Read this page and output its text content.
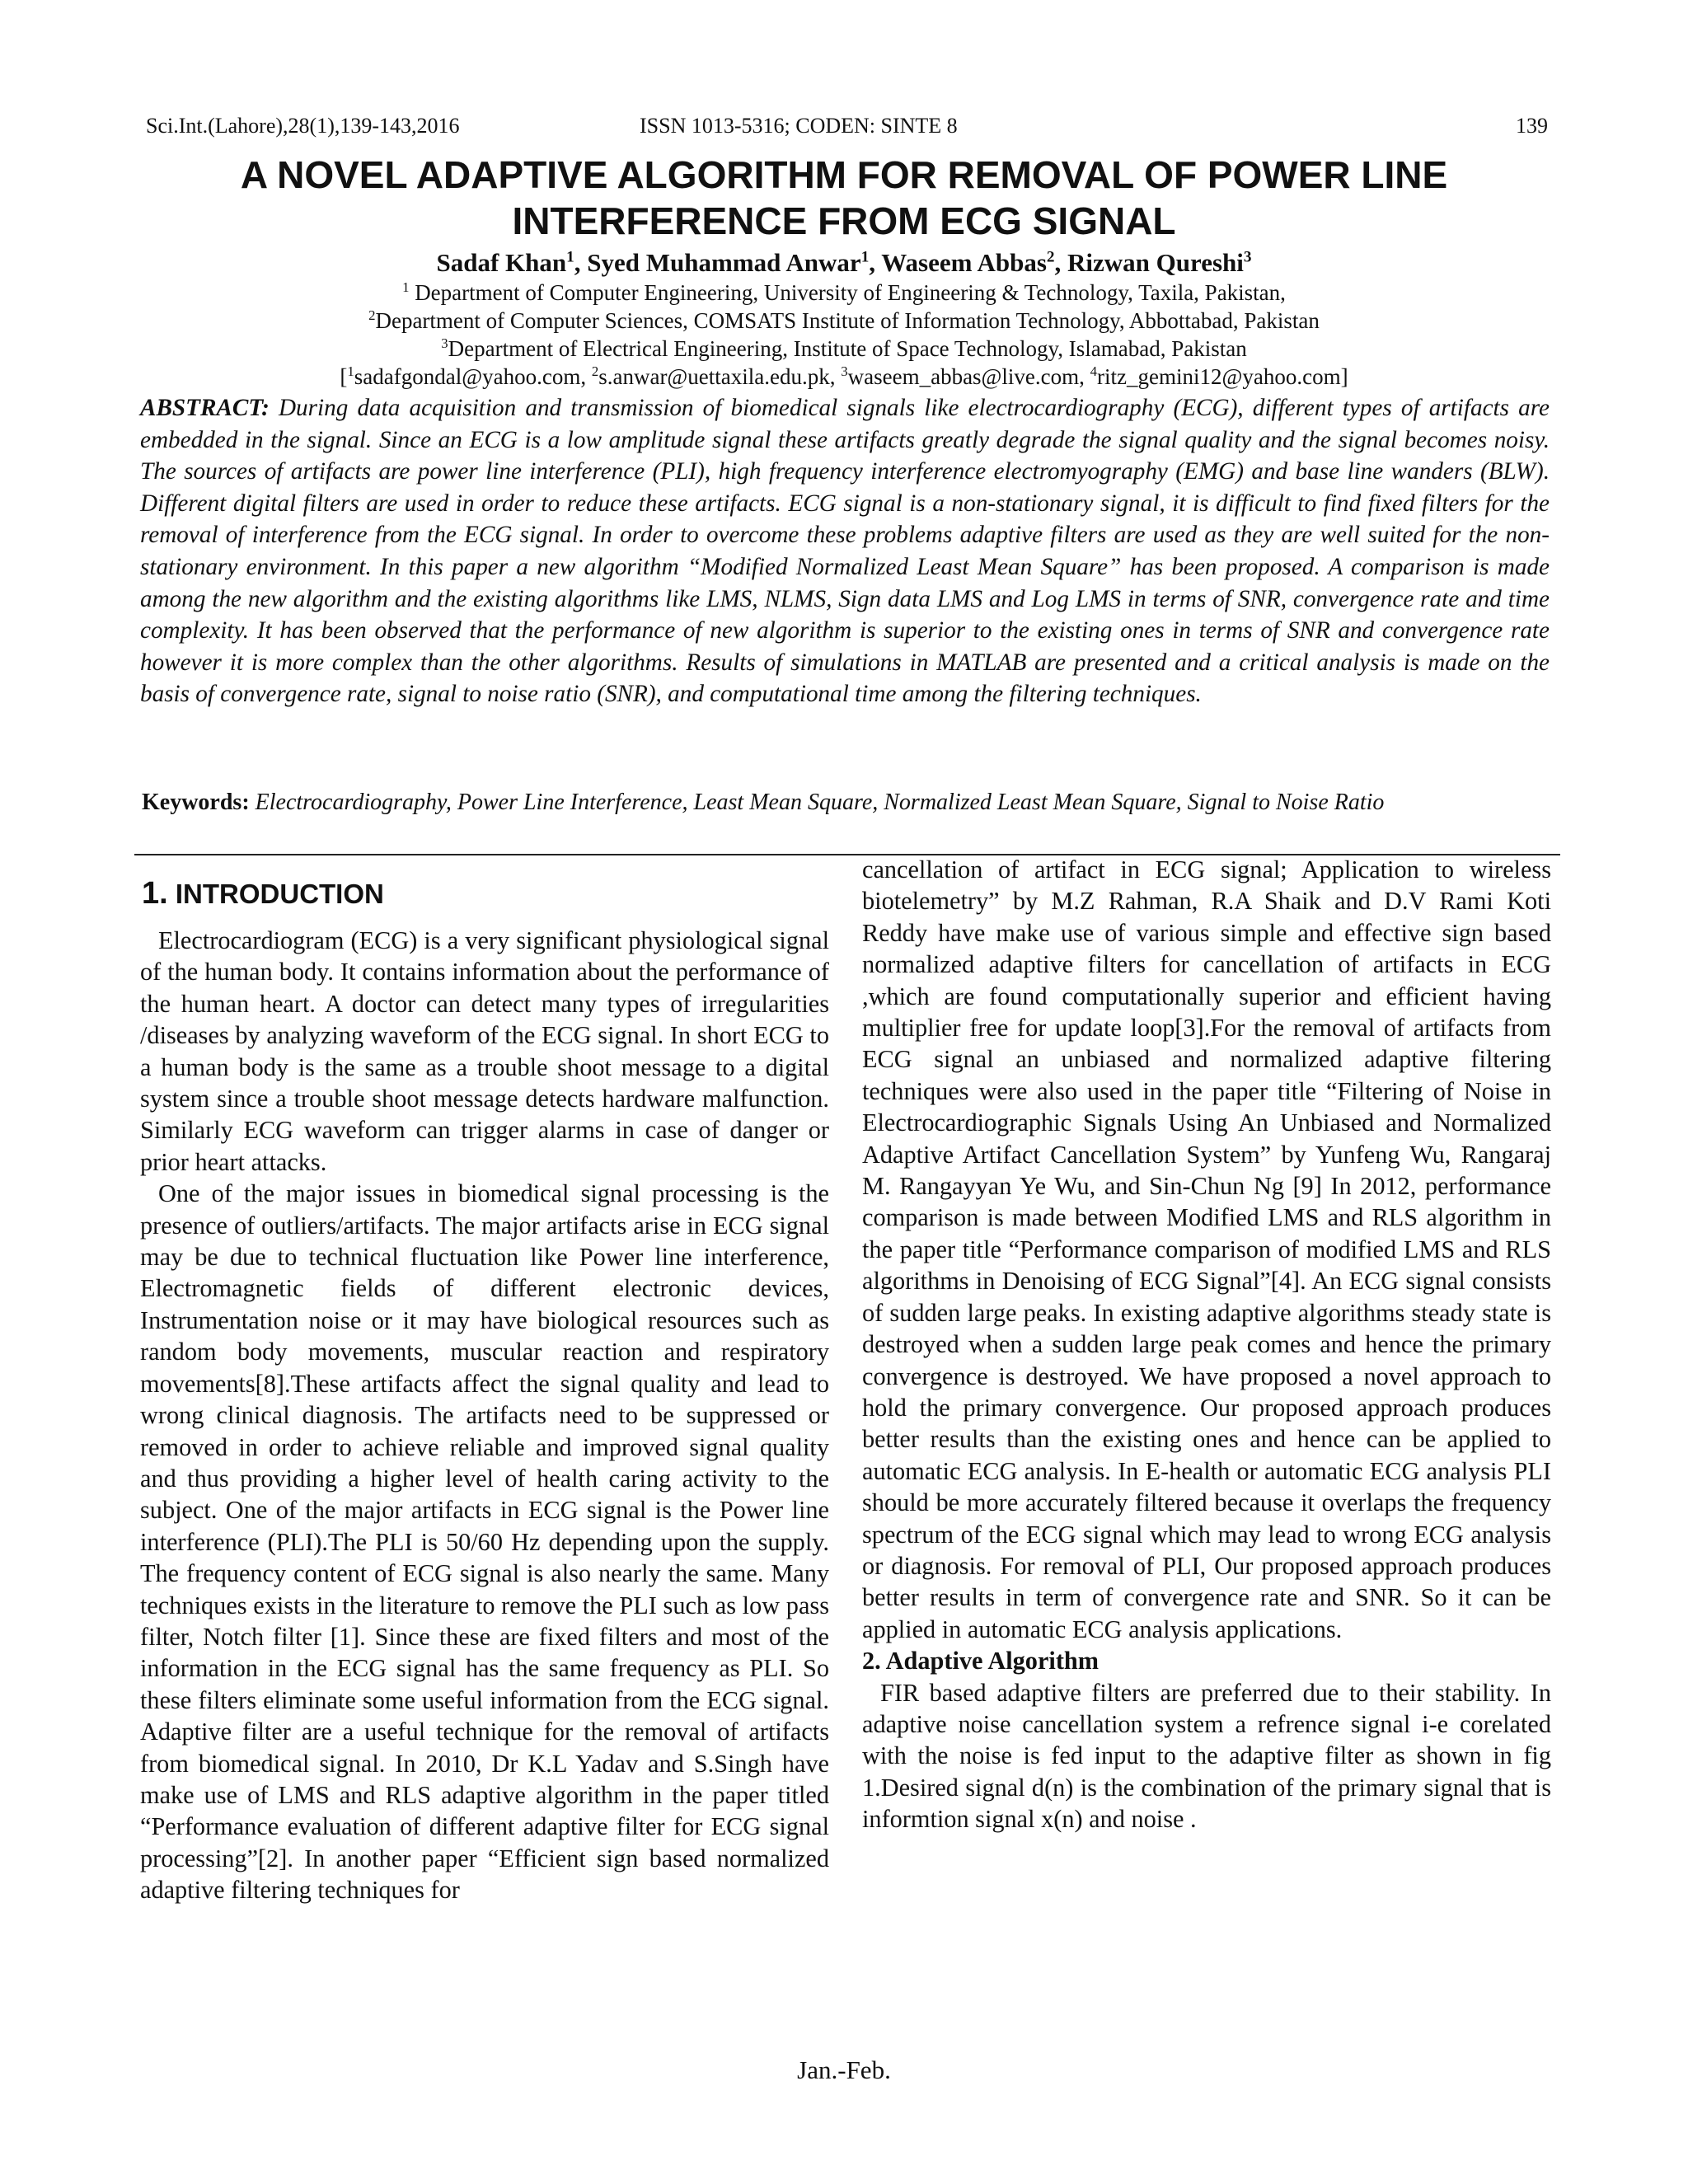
Sci.Int.(Lahore),28(1),139-143,2016	ISSN 1013-5316; CODEN: SINTE 8	139
A NOVEL ADAPTIVE ALGORITHM FOR REMOVAL OF POWER LINE
INTERFERENCE FROM ECG SIGNAL
Sadaf Khan$^1$, Syed Muhammad Anwar$^1$, Waseem Abbas$^2$, Rizwan Qureshi$^3$
$^1$ Department of Computer Engineering, University of Engineering & Technology, Taxila, Pakistan,
$^2$Department of Computer Sciences, COMSATS Institute of Information Technology, Abbottabad, Pakistan
$^3$Department of Electrical Engineering, Institute of Space Technology, Islamabad, Pakistan
[$^1$sadafgondal@yahoo.com, $^2$s.anwar@uettaxila.edu.pk, $^3$waseem_abbas@live.com, $^4$ritz_gemini12@yahoo.com]
ABSTRACT: During data acquisition and transmission of biomedical signals like electrocardiography (ECG), different types of artifacts are embedded in the signal. Since an ECG is a low amplitude signal these artifacts greatly degrade the signal quality and the signal becomes noisy. The sources of artifacts are power line interference (PLI), high frequency interference electromyography (EMG) and base line wanders (BLW). Different digital filters are used in order to reduce these artifacts. ECG signal is a non-stationary signal, it is difficult to find fixed filters for the removal of interference from the ECG signal. In order to overcome these problems adaptive filters are used as they are well suited for the non-stationary environment. In this paper a new algorithm “Modified Normalized Least Mean Square” has been proposed. A comparison is made among the new algorithm and the existing algorithms like LMS, NLMS, Sign data LMS and Log LMS in terms of SNR, convergence rate and time complexity. It has been observed that the performance of new algorithm is superior to the existing ones in terms of SNR and convergence rate however it is more complex than the other algorithms. Results of simulations in MATLAB are presented and a critical analysis is made on the basis of convergence rate, signal to noise ratio (SNR), and computational time among the filtering techniques.
Keywords: Electrocardiography, Power Line Interference, Least Mean Square, Normalized Least Mean Square, Signal to Noise Ratio
1. INTRODUCTION

Electrocardiogram (ECG) is a very significant physiological signal of the human body. It contains information about the performance of the human heart. A doctor can detect many types of irregularities /diseases by analyzing waveform of the ECG signal. In short ECG to a human body is the same as a trouble shoot message to a digital system since a trouble shoot message detects hardware malfunction. Similarly ECG waveform can trigger alarms in case of danger or prior heart attacks.

One of the major issues in biomedical signal processing is the presence of outliers/artifacts. The major artifacts arise in ECG signal may be due to technical fluctuation like Power line interference, Electromagnetic fields of different electronic devices, Instrumentation noise or it may have biological resources such as random body movements, muscular reaction and respiratory movements[8].These artifacts affect the signal quality and lead to wrong clinical diagnosis. The artifacts need to be suppressed or removed in order to achieve reliable and improved signal quality and thus providing a higher level of health caring activity to the subject. One of the major artifacts in ECG signal is the Power line interference (PLI).The PLI is 50/60 Hz depending upon the supply. The frequency content of ECG signal is also nearly the same. Many techniques exists in the literature to remove the PLI such as low pass filter, Notch filter [1]. Since these are fixed filters and most of the information in the ECG signal has the same frequency as PLI. So these filters eliminate some useful information from the ECG signal. Adaptive filter are a useful technique for the removal of artifacts from biomedical signal. In 2010, Dr K.L Yadav and S.Singh have make use of LMS and RLS adaptive algorithm in the paper titled “Performance evaluation of different adaptive filter for ECG signal processing”[2]. In another paper “Efficient sign based normalized adaptive filtering techniques for

cancellation of artifact in ECG signal; Application to wireless biotelemetry” by M.Z Rahman, R.A Shaik and D.V Rami Koti Reddy have make use of various simple and effective sign based normalized adaptive filters for cancellation of artifacts in ECG ,which are found computationally superior and efficient having multiplier free for update loop[3].For the removal of artifacts from ECG signal an unbiased and normalized adaptive filtering techniques were also used in the paper title “Filtering of Noise in Electrocardiographic Signals Using An Unbiased and Normalized Adaptive Artifact Cancellation System” by Yunfeng Wu, Rangaraj M. Rangayyan Ye Wu, and Sin-Chun Ng [9] In 2012, performance comparison is made between Modified LMS and RLS algorithm in the paper title “Performance comparison of modified LMS and RLS algorithms in Denoising of ECG Signal”[4]. An ECG signal consists of sudden large peaks. In existing adaptive algorithms steady state is destroyed when a sudden large peak comes and hence the primary convergence is destroyed. We have proposed a novel approach to hold the primary convergence. Our proposed approach produces better results than the existing ones and hence can be applied to automatic ECG analysis. In E-health or automatic ECG analysis PLI should be more accurately filtered because it overlaps the frequency spectrum of the ECG signal which may lead to wrong ECG analysis or diagnosis. For removal of PLI, Our proposed approach produces better results in term of convergence rate and SNR. So it can be applied in automatic ECG analysis applications.

2. Adaptive Algorithm

FIR based adaptive filters are preferred due to their stability. In adaptive noise cancellation system a refrence signal i-e corelated with the noise is fed input to the adaptive filter as shown in fig 1.Desired signal d(n) is the combination of the primary signal that is informtion signal x(n) and noise .

Jan.-Feb.
